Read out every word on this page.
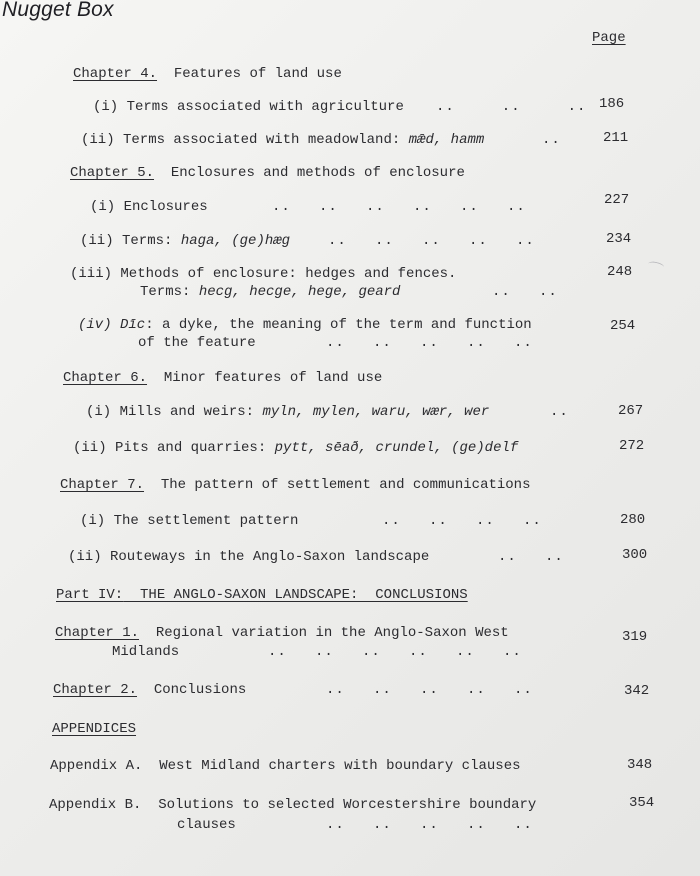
Nugget Box
Page
Chapter 4. Features of land use
(i) Terms associated with agriculture ..     ..     .. 186
(ii) Terms associated with meadowland: mǣd, hamm	..	211
Chapter 5. Enclosures and methods of enclosure
(i) Enclosures	..   ..   ..   ..   ..   ..	227
(ii) Terms: haga, (ge)hæg	..   ..   ..   ..   ..	234
(iii) Methods of enclosure: hedges and fences.	248
Terms: hecg, hecge, hege, geard	..   ..
(iv) Dīc: a dyke, the meaning of the term and function	254
of the feature	..   ..   ..   ..   ..
Chapter 6. Minor features of land use
(i) Mills and weirs: myln, mylen, waru, wær, wer	..	267
(ii) Pits and quarries: pytt, sēað, crundel, (ge)delf	272
Chapter 7. The pattern of settlement and communications
(i) The settlement pattern	..   ..   ..   ..	280
(ii) Routeways in the Anglo-Saxon landscape	..   ..	300
Part IV:  THE ANGLO-SAXON LANDSCAPE:  CONCLUSIONS
Chapter 1. Regional variation in the Anglo-Saxon West	319
Midlands	..   ..   ..   ..   ..   ..
Chapter 2. Conclusions	..   ..   ..   ..   ..	342
APPENDICES
Appendix A. West Midland charters with boundary clauses	348
Appendix B. Solutions to selected Worcestershire boundary	354
clauses	..   ..   ..   ..   ..
